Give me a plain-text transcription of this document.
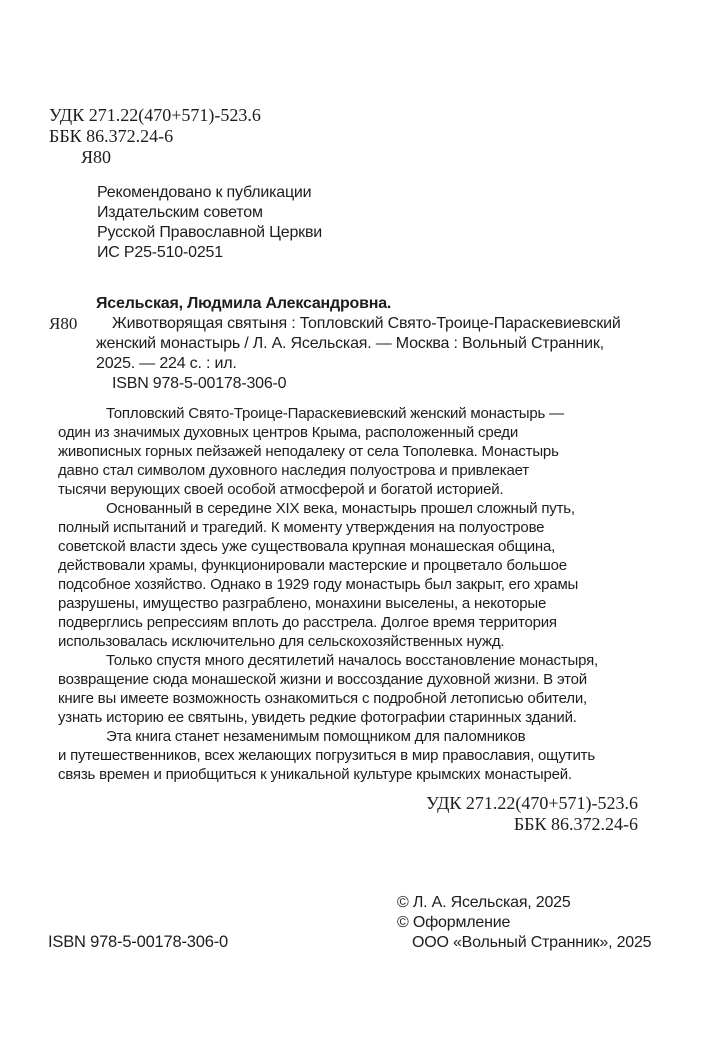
УДК 271.22(470+571)-523.6
ББК 86.372.24-6
Я80
Рекомендовано к публикации
Издательским советом
Русской Православной Церкви
ИС Р25-510-0251
Ясельская, Людмила Александровна.
Я80 Животворящая святыня : Топловский Свято-Троице-Параскевиевский
женский монастырь / Л. А. Ясельская. — Москва : Вольный Странник,
2025. — 224 с. : ил.
ISBN 978-5-00178-306-0
Топловский Свято-Троице-Параскевиевский женский монастырь —
один из значимых духовных центров Крыма, расположенный среди
живописных горных пейзажей неподалеку от села Тополевка. Монастырь
давно стал символом духовного наследия полуострова и привлекает
тысячи верующих своей особой атмосферой и богатой историей.
Основанный в середине XIX века, монастырь прошел сложный путь,
полный испытаний и трагедий. К моменту утверждения на полуострове
советской власти здесь уже существовала крупная монашеская община,
действовали храмы, функционировали мастерские и процветало большое
подсобное хозяйство. Однако в 1929 году монастырь был закрыт, его храмы
разрушены, имущество разграблено, монахини выселены, а некоторые
подверглись репрессиям вплоть до расстрела. Долгое время территория
использовалась исключительно для сельскохозяйственных нужд.
Только спустя много десятилетий началось восстановление монастыря,
возвращение сюда монашеской жизни и воссоздание духовной жизни. В этой
книге вы имеете возможность ознакомиться с подробной летописью обители,
узнать историю ее святынь, увидеть редкие фотографии старинных зданий.
Эта книга станет незаменимым помощником для паломников
и путешественников, всех желающих погрузиться в мир православия, ощутить
связь времен и приобщиться к уникальной культуре крымских монастырей.
УДК 271.22(470+571)-523.6
ББК 86.372.24-6
© Л. А. Ясельская, 2025
© Оформление
ООО «Вольный Странник», 2025
ISBN 978-5-00178-306-0
